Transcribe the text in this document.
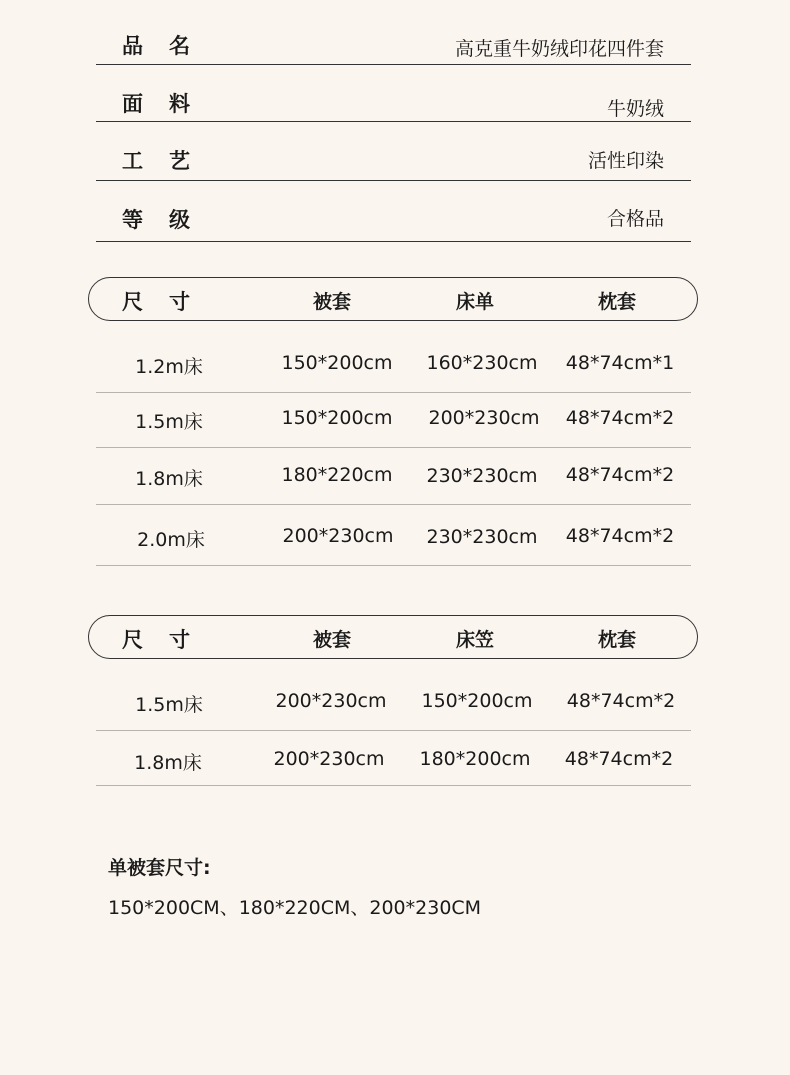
品名	高克重牛奶绒印花四件套
面料	牛奶绒
工艺	活性印染
等级	合格品
尺寸	被套	床单	枕套
1.2m床	150*200cm 160*230cm 48*74cm*1
1.5m床	150*200cm 200*230cm 48*74cm*2
1.8m床	180*220cm 230*230cm 48*74cm*2
2.0m床	200*230cm 230*230cm 48*74cm*2
尺寸	被套	床笠	枕套
1.5m床	200*230cm 150*200cm 48*74cm*2
1.8m床	200*230cm 180*200cm 48*74cm*2
单被套尺寸:
150*200CM、180*220CM、200*230CM
